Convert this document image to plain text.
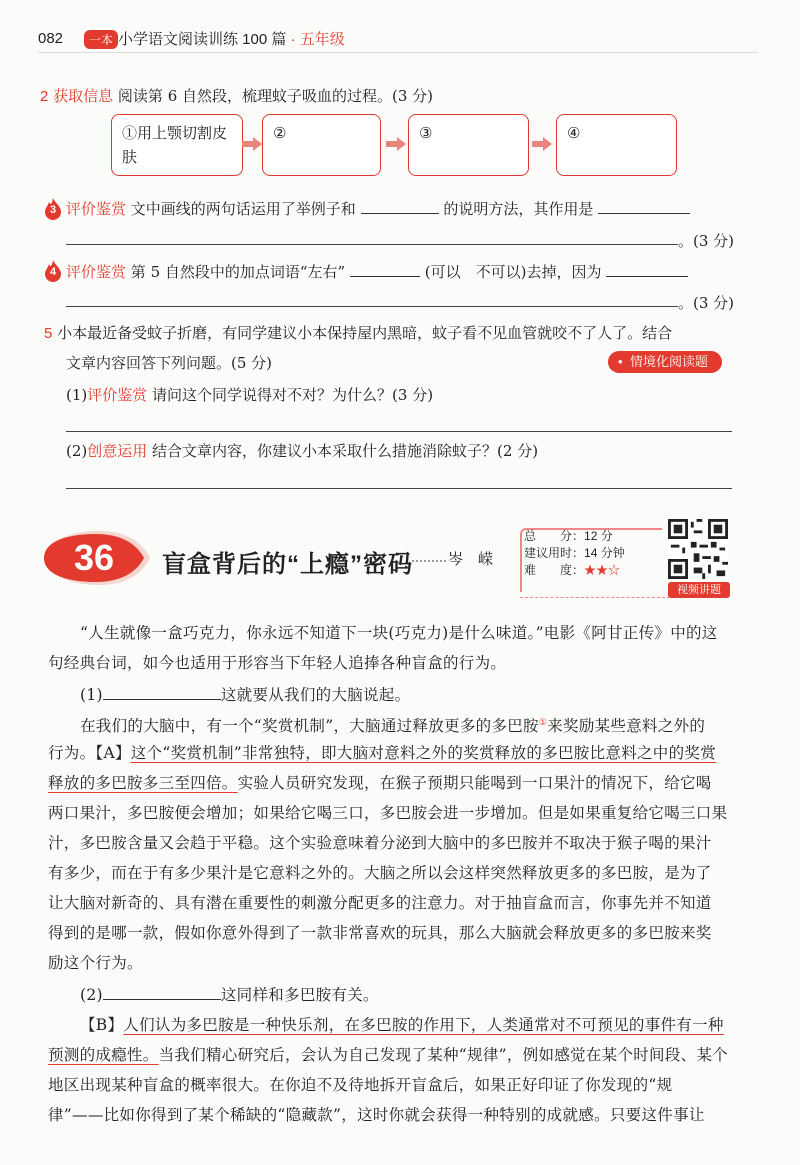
082	一本 小学语文阅读训练 100 篇 · 五年级
2 获取信息 阅读第 6 自然段，梳理蚊子吸血的过程。(3 分)
①用上颚切割皮肤
②	③	④
3 评价鉴赏 文中画线的两句话运用了举例子和	的说明方法，其作用是
。(3 分)
4 评价鉴赏 第 5 自然段中的加点词语“左右”	(可以　不可以)去掉，因为
。(3 分)
5 小本最近备受蚊子折磨，有同学建议小本保持屋内黑暗，蚊子看不见血管就咬不了人了。结合
文章内容回答下列问题。(5 分)	• 情境化阅读题
(1)评价鉴赏 请问这个同学说得对不对？为什么？(3 分)
(2)创意运用 结合文章内容，你建议小本采取什么措施消除蚊子？(2 分)
36	盲盒背后的“上瘾”密码 岑　嵘
总　　分：12 分
建议用时：14 分钟
难　　度：★★☆
视频讲题
“人生就像一盒巧克力，你永远不知道下一块(巧克力)是什么味道。”电影《阿甘正传》中的这
句经典台词，如今也适用于形容当下年轻人追捧各种盲盒的行为。
(1)	这就要从我们的大脑说起。
在我们的大脑中，有一个“奖赏机制”，大脑通过释放更多的多巴胺①来奖励某些意料之外的
行为。【A】这个“奖赏机制”非常独特，即大脑对意料之外的奖赏释放的多巴胺比意料之中的奖赏
释放的多巴胺多三至四倍。实验人员研究发现，在猴子预期只能喝到一口果汁的情况下，给它喝
两口果汁，多巴胺便会增加；如果给它喝三口，多巴胺会进一步增加。但是如果重复给它喝三口果
汁，多巴胺含量又会趋于平稳。这个实验意味着分泌到大脑中的多巴胺并不取决于猴子喝的果汁
有多少，而在于有多少果汁是它意料之外的。大脑之所以会这样突然释放更多的多巴胺，是为了
让大脑对新奇的、具有潜在重要性的刺激分配更多的注意力。对于抽盲盒而言，你事先并不知道
得到的是哪一款，假如你意外得到了一款非常喜欢的玩具，那么大脑就会释放更多的多巴胺来奖
励这个行为。
(2)	这同样和多巴胺有关。
【B】人们认为多巴胺是一种快乐剂，在多巴胺的作用下，人类通常对不可预见的事件有一种
预测的成瘾性。当我们精心研究后，会认为自己发现了某种“规律”，例如感觉在某个时间段、某个
地区出现某种盲盒的概率很大。在你迫不及待地拆开盲盒后，如果正好印证了你发现的“规
律”——比如你得到了某个稀缺的“隐藏款”，这时你就会获得一种特别的成就感。只要这件事让
